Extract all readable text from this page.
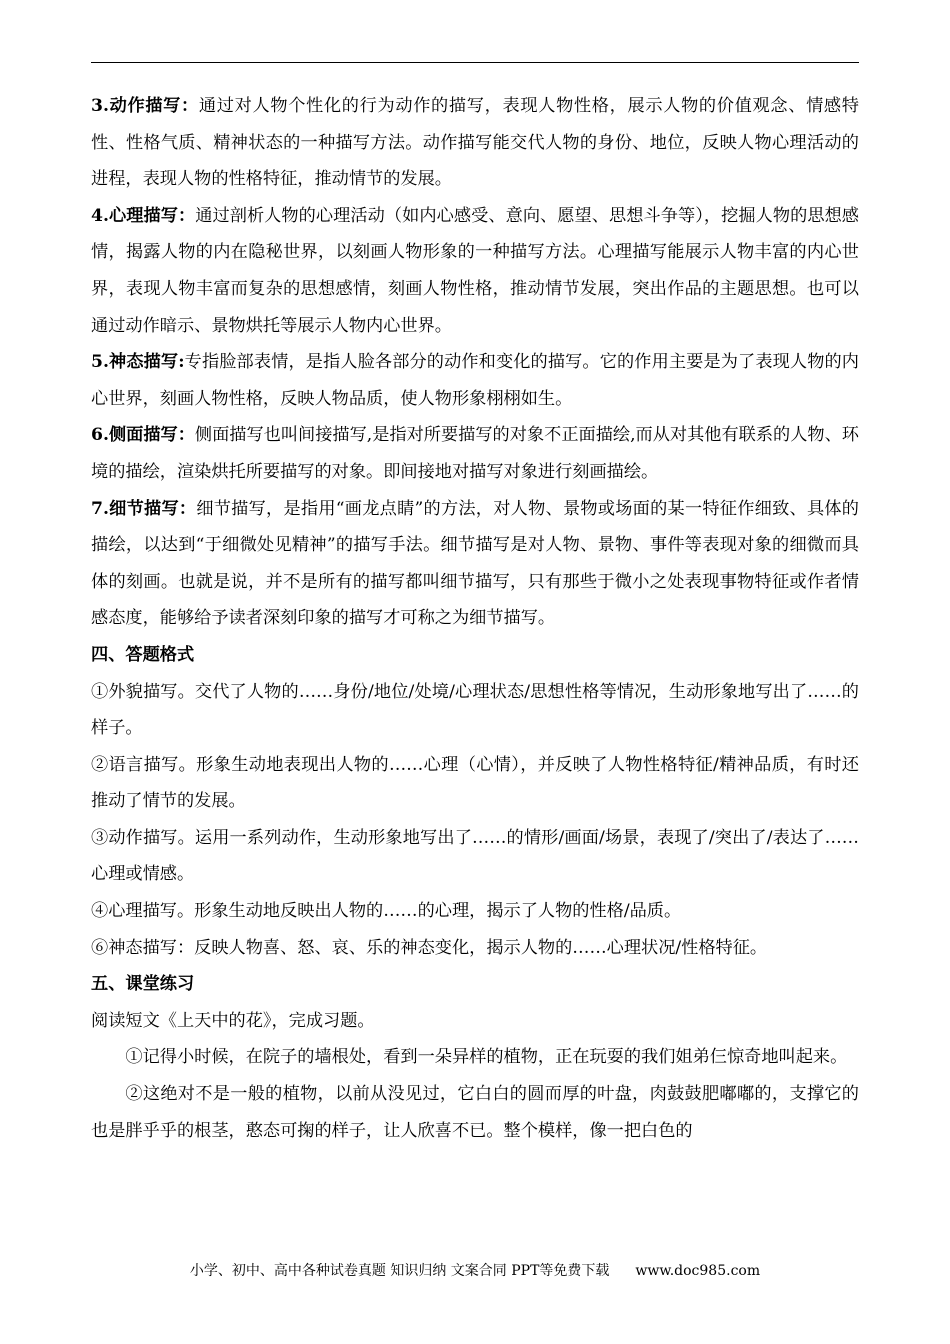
3.动作描写：通过对人物个性化的行为动作的描写，表现人物性格，展示人物的价值观念、情感特性、性格气质、精神状态的一种描写方法。动作描写能交代人物的身份、地位，反映人物心理活动的进程，表现人物的性格特征，推动情节的发展。

4.心理描写：通过剖析人物的心理活动（如内心感受、意向、愿望、思想斗争等），挖掘人物的思想感情，揭露人物的内在隐秘世界，以刻画人物形象的一种描写方法。心理描写能展示人物丰富的内心世界，表现人物丰富而复杂的思想感情，刻画人物性格，推动情节发展，突出作品的主题思想。也可以通过动作暗示、景物烘托等展示人物内心世界。

5.神态描写:专指脸部表情，是指人脸各部分的动作和变化的描写。它的作用主要是为了表现人物的内心世界，刻画人物性格，反映人物品质，使人物形象栩栩如生。

6.侧面描写：侧面描写也叫间接描写,是指对所要描写的对象不正面描绘,而从对其他有联系的人物、环境的描绘，渲染烘托所要描写的对象。即间接地对描写对象进行刻画描绘。

7.细节描写：细节描写，是指用“画龙点睛”的方法，对人物、景物或场面的某一特征作细致、具体的描绘，以达到“于细微处见精神”的描写手法。细节描写是对人物、景物、事件等表现对象的细微而具体的刻画。也就是说，并不是所有的描写都叫细节描写，只有那些于微小之处表现事物特征或作者情感态度，能够给予读者深刻印象的描写才可称之为细节描写。

四、答题格式

①外貌描写。交代了人物的……身份/地位/处境/心理状态/思想性格等情况，生动形象地写出了……的样子。

②语言描写。形象生动地表现出人物的……心理（心情），并反映了人物性格特征/精神品质，有时还推动了情节的发展。

③动作描写。运用一系列动作，生动形象地写出了……的情形/画面/场景，表现了/突出了/表达了……心理或情感。

④心理描写。形象生动地反映出人物的……的心理，揭示了人物的性格/品质。

⑥神态描写：反映人物喜、怒、哀、乐的神态变化，揭示人物的……心理状况/性格特征。

五、课堂练习

阅读短文《上天中的花》，完成习题。

①记得小时候，在院子的墙根处，看到一朵异样的植物，正在玩耍的我们姐弟仨惊奇地叫起来。

②这绝对不是一般的植物，以前从没见过，它白白的圆而厚的叶盘，肉鼓鼓肥嘟嘟的，支撑它的也是胖乎乎的根茎，憨态可掬的样子，让人欣喜不已。整个模样，像一把白色的

小学、初中、高中各种试卷真题 知识归纳 文案合同 PPT等免费下载 www.doc985.com
